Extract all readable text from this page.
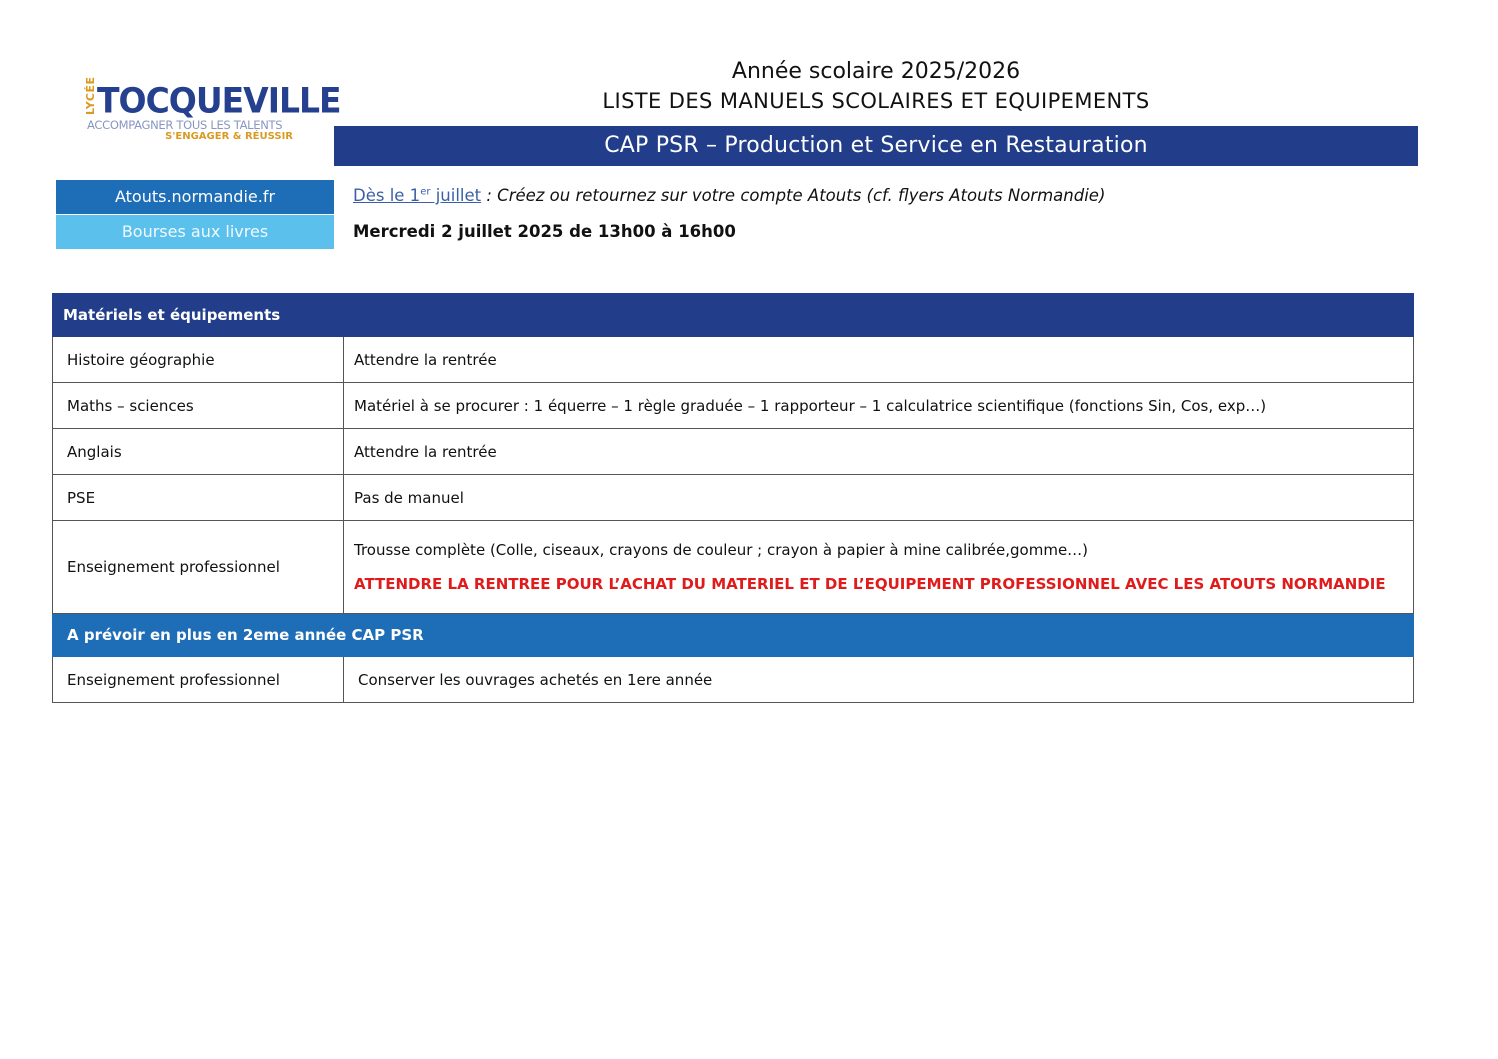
LYCÉE TOCQUEVILLE
ACCOMPAGNER TOUS LES TALENTS
S'ENGAGER & RÉUSSIR
Année scolaire 2025/2026
LISTE DES MANUELS SCOLAIRES ET EQUIPEMENTS
CAP PSR – Production et Service en Restauration
Atouts.normandie.fr
Bourses aux livres
Dès le 1er juillet : Créez ou retournez sur votre compte Atouts (cf. flyers Atouts Normandie)
Mercredi 2 juillet 2025 de 13h00 à 16h00
Matériels et équipements	
Histoire géographie	Attendre la rentrée
Maths – sciences	Matériel à se procurer : 1 équerre – 1 règle graduée – 1 rapporteur – 1 calculatrice scientifique (fonctions Sin, Cos, exp…)
Anglais	Attendre la rentrée
PSE	Pas de manuel
Enseignement professionnel	Trousse complète (Colle, ciseaux, crayons de couleur ; crayon à papier à mine calibrée,gomme…)
ATTENDRE LA RENTREE POUR L’ACHAT DU MATERIEL ET DE L’EQUIPEMENT PROFESSIONNEL AVEC LES ATOUTS NORMANDIE

A prévoir en plus en 2eme année CAP PSR	
Enseignement professionnel	Conserver les ouvrages achetés en 1ere année
